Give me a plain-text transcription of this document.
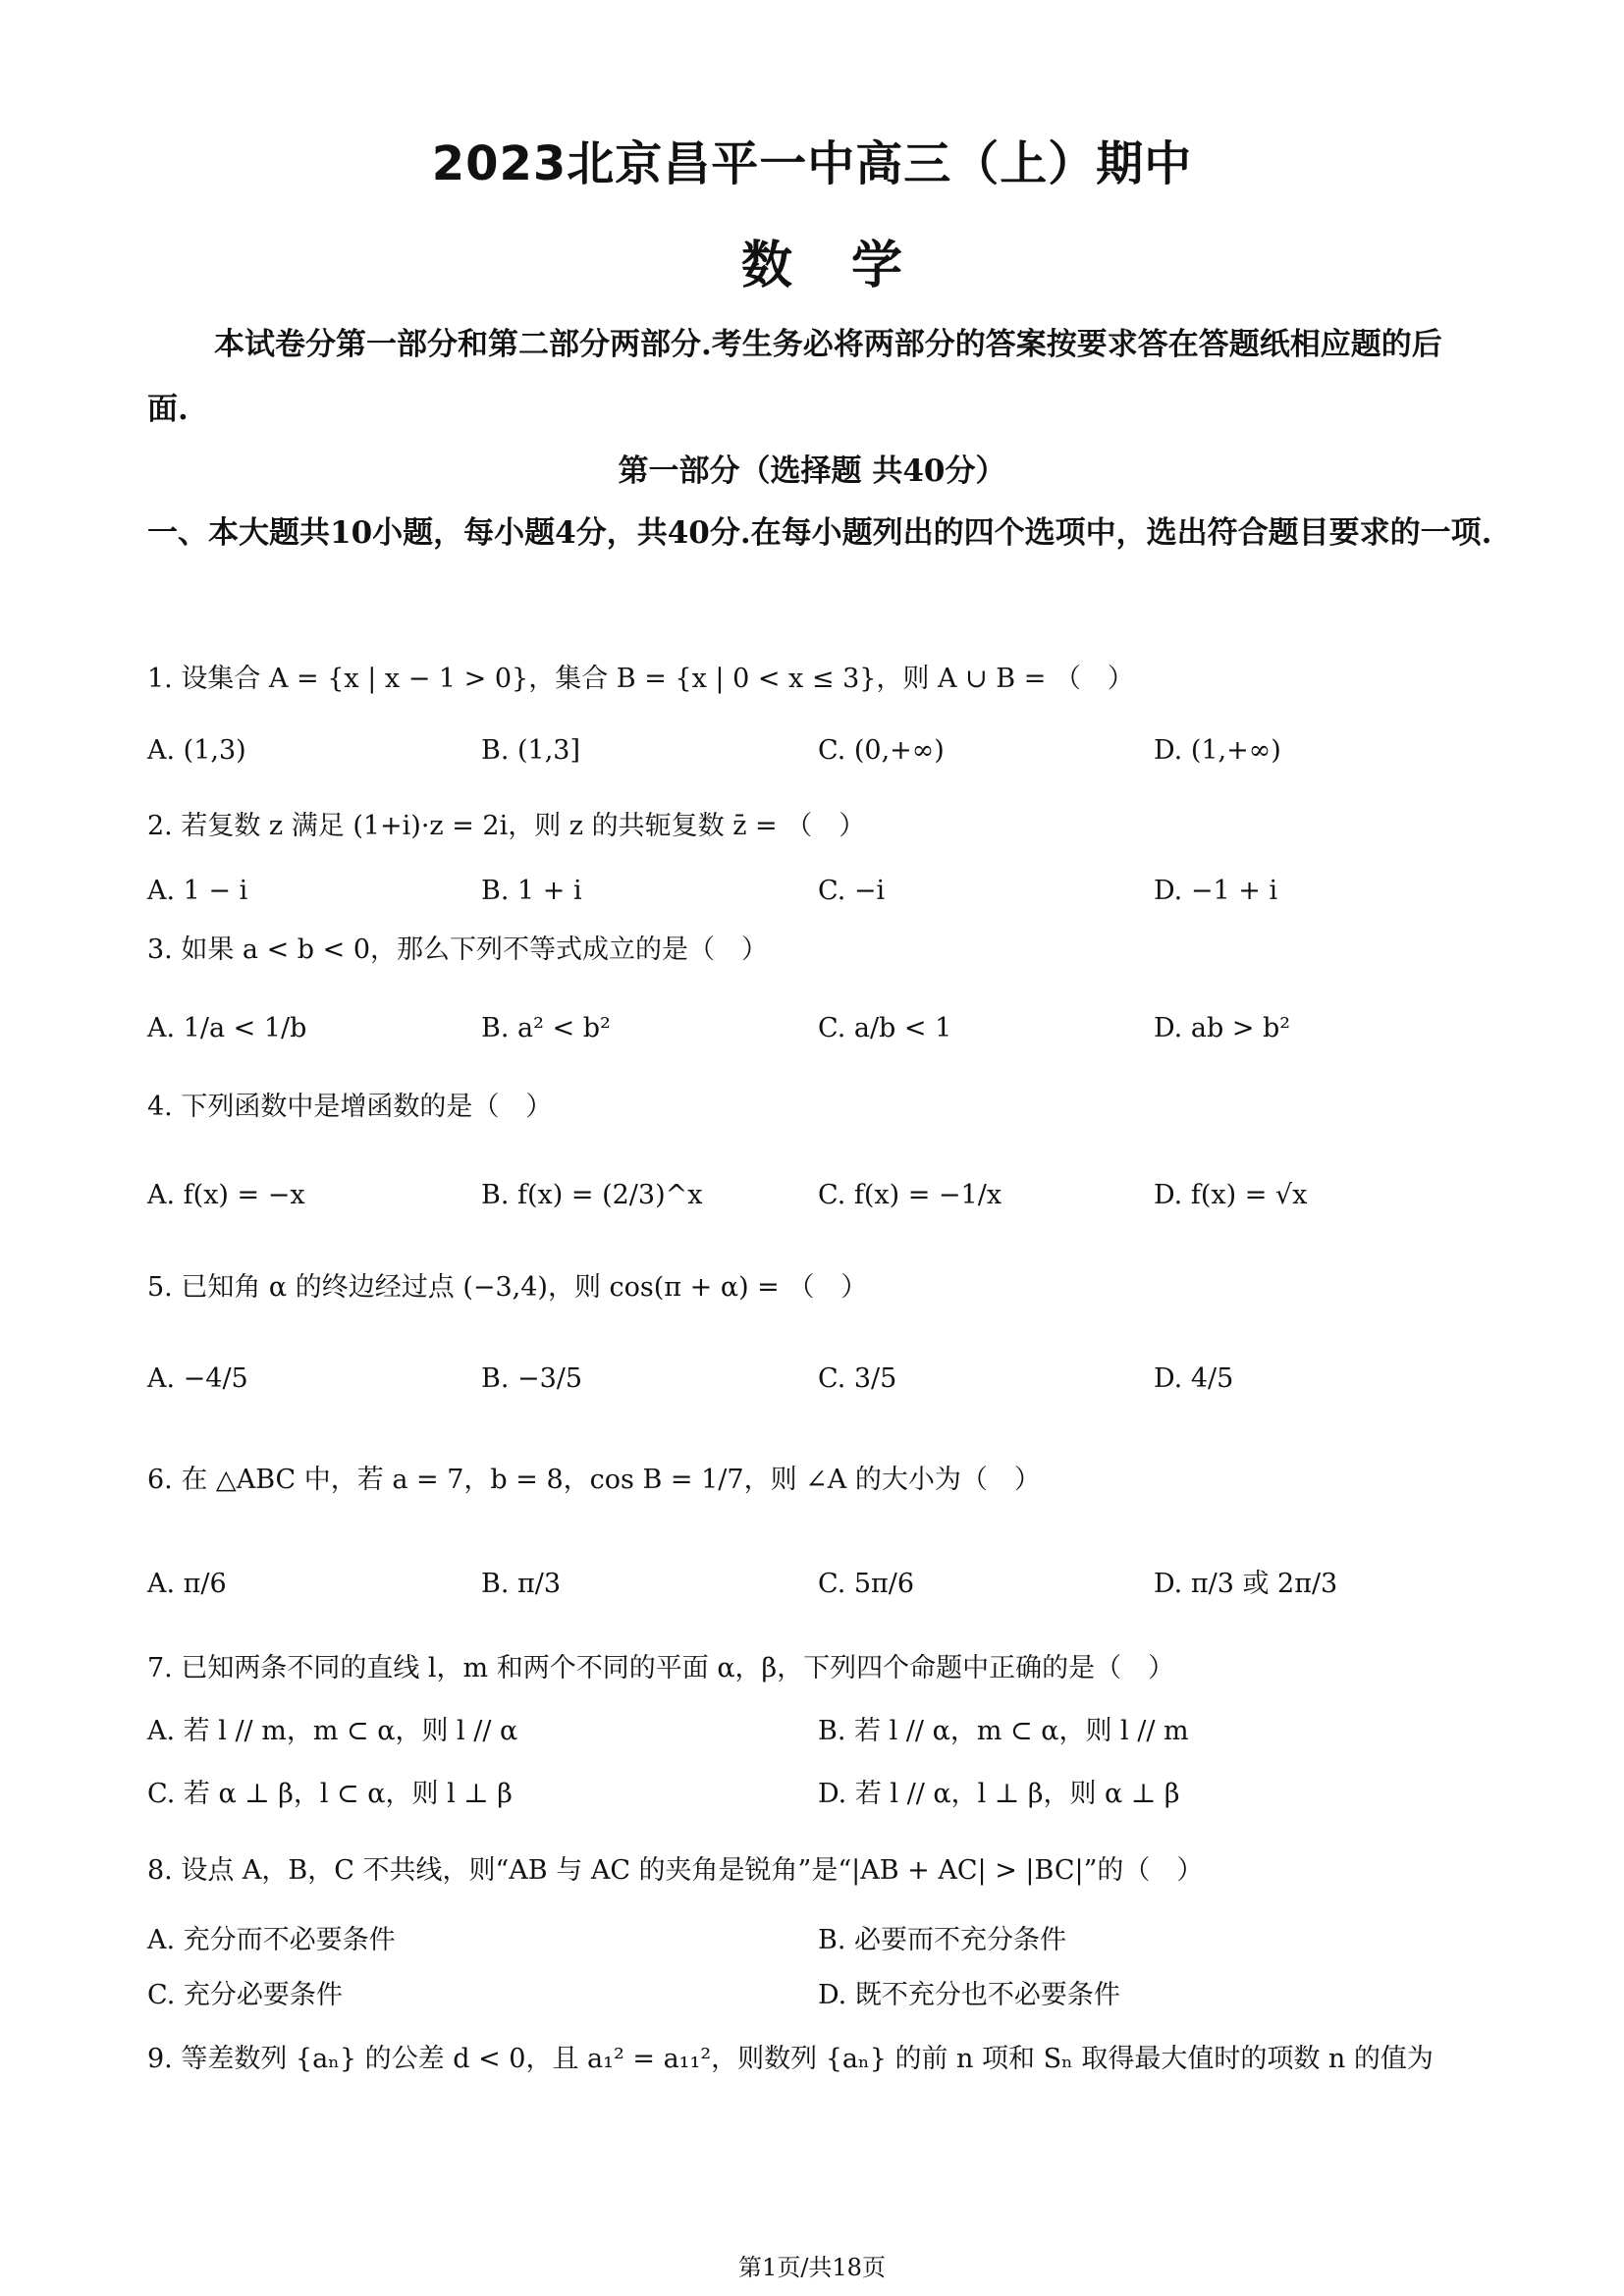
2023北京昌平一中高三（上）期中
数学
本试卷分第一部分和第二部分两部分.考生务必将两部分的答案按要求答在答题纸相应题的后面.
第一部分（选择题 共40分）
一、本大题共10小题，每小题4分，共40分.在每小题列出的四个选项中，选出符合题目要求的一项.
1. 设集合 A = {x | x − 1 > 0}，集合 B = {x | 0 < x ≤ 3}，则 A ∪ B = （　）
A. (1,3)	B. (1,3]	C. (0,+∞)	D. (1,+∞)
2. 若复数 z 满足 (1+i)·z = 2i，则 z 的共轭复数 z̄ = （　）
A. 1 − i	B. 1 + i	C. −i	D. −1 + i
3. 如果 a < b < 0，那么下列不等式成立的是（　）
A. 1/a < 1/b	B. a² < b²	C. a/b < 1	D. ab > b²
4. 下列函数中是增函数的是（　）
A. f(x) = −x	B. f(x) = (2/3)^x	C. f(x) = −1/x	D. f(x) = √x
5. 已知角 α 的终边经过点 (−3,4)，则 cos(π + α) = （　）
A. −4/5	B. −3/5	C. 3/5	D. 4/5
6. 在 △ABC 中，若 a = 7，b = 8，cos B = 1/7，则 ∠A 的大小为（　）
A. π/6	B. π/3	C. 5π/6	D. π/3 或 2π/3
7. 已知两条不同的直线 l，m 和两个不同的平面 α，β，下列四个命题中正确的是（　）
A. 若 l // m，m ⊂ α，则 l // α	B. 若 l // α，m ⊂ α，则 l // m
C. 若 α ⊥ β，l ⊂ α，则 l ⊥ β	D. 若 l // α，l ⊥ β，则 α ⊥ β
8. 设点 A，B，C 不共线，则“AB 与 AC 的夹角是锐角”是“|AB + AC| > |BC|”的（　）
A. 充分而不必要条件	B. 必要而不充分条件
C. 充分必要条件	D. 既不充分也不必要条件
9. 等差数列 {aₙ} 的公差 d < 0，且 a₁² = a₁₁²，则数列 {aₙ} 的前 n 项和 Sₙ 取得最大值时的项数 n 的值为
第1页/共18页
